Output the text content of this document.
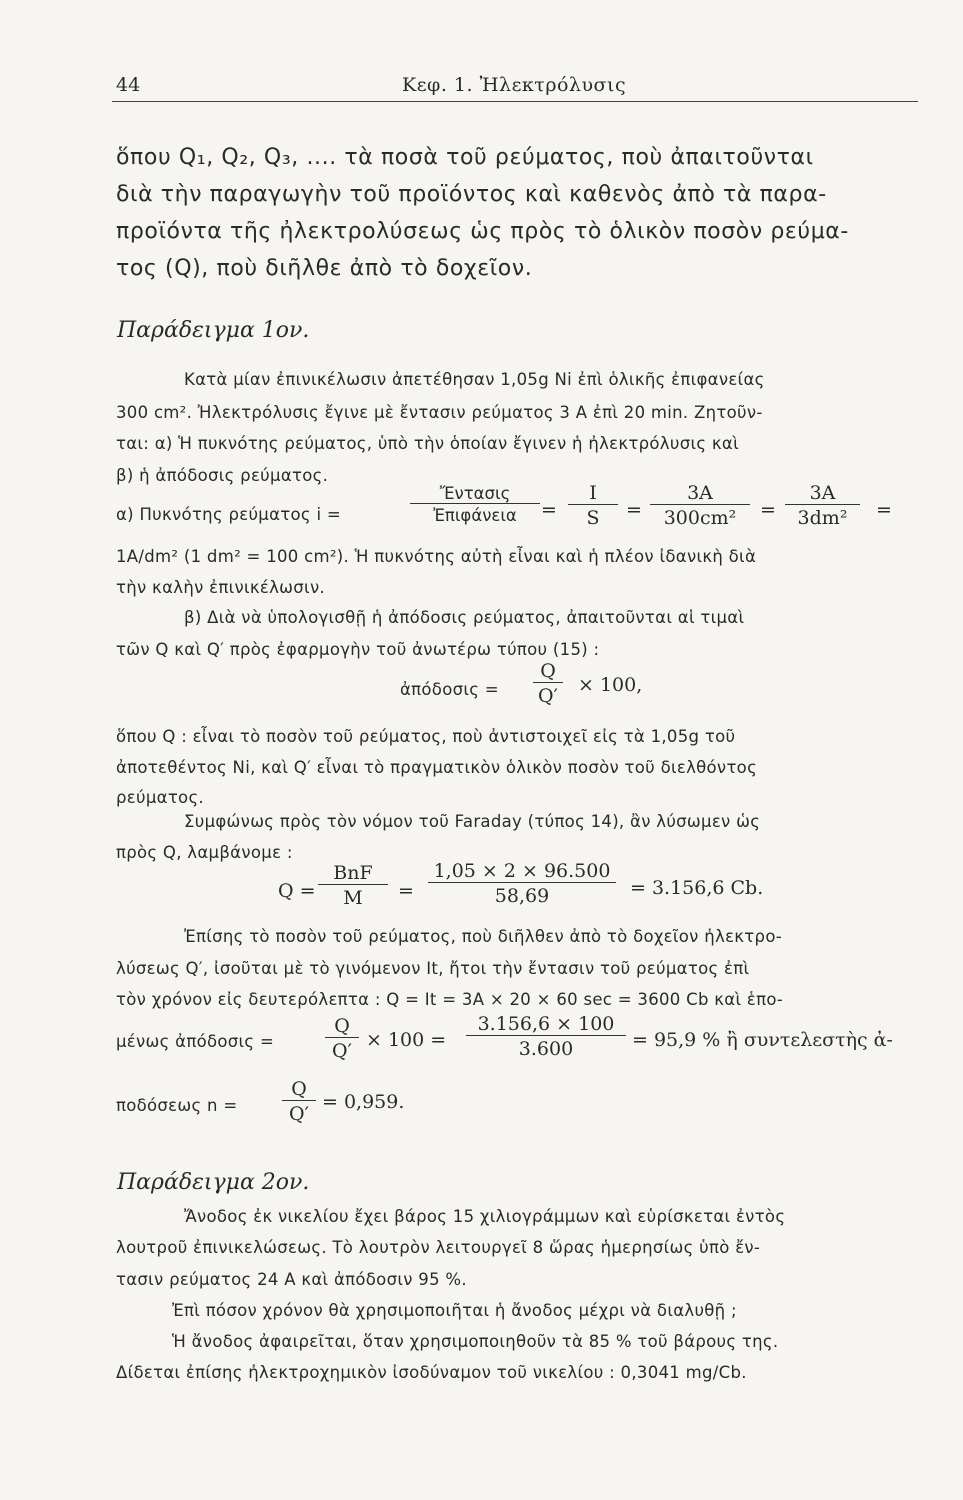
44	Κεφ. 1. Ἠλεκτρόλυσις
ὅπου Q₁, Q₂, Q₃, .... τὰ ποσὰ τοῦ ρεύματος, ποὺ ἀπαιτοῦνται
διὰ τὴν παραγωγὴν τοῦ προϊόντος καὶ καθενὸς ἀπὸ τὰ παρα-
προϊόντα τῆς ἠλεκτρολύσεως ὡς πρὸς τὸ ὁλικὸν ποσὸν ρεύμα-
τος (Q), ποὺ διῆλθε ἀπὸ τὸ δοχεῖον.
Παράδειγμα 1ον.
Κατὰ μίαν ἐπινικέλωσιν ἀπετέθησαν 1,05g Ni ἐπὶ ὁλικῆς ἐπιφανείας
300 cm². Ἠλεκτρόλυσις ἔγινε μὲ ἔντασιν ρεύματος 3 A ἐπὶ 20 min. Ζητοῦν-
ται: α) Ἡ πυκνότης ρεύματος, ὑπὸ τὴν ὁποίαν ἔγινεν ἡ ἠλεκτρόλυσις καὶ
β) ἡ ἀπόδοσις ρεύματος.
α) Πυκνότης ρεύματος i =
Ἔντασις
Ἐπιφάνεια	= $\frac{I}{S} = \frac{3A}{\text{300cm²}} = \frac{3A}{\text{3dm²}}$ =
1A/dm² (1 dm² = 100 cm²). Ἡ πυκνότης αὐτὴ εἶναι καὶ ἡ πλέον ἰδανικὴ διὰ
τὴν καλὴν ἐπινικέλωσιν.
β) Διὰ νὰ ὑπολογισθῇ ἡ ἀπόδοσις ρεύματος, ἀπαιτοῦνται αἱ τιμαὶ
τῶν Q καὶ Q′ πρὸς ἐφαρμογὴν τοῦ ἀνωτέρω τύπου (15) :
ἀπόδοσις = $\frac{Q}{Q'} \times 100$,
ὅπου Q : εἶναι τὸ ποσὸν τοῦ ρεύματος, ποὺ ἀντιστοιχεῖ εἰς τὰ 1,05g τοῦ
ἀποτεθέντος Ni, καὶ Q′ εἶναι τὸ πραγματικὸν ὁλικὸν ποσὸν τοῦ διελθόντος
ρεύματος.
Συμφώνως πρὸς τὸν νόμον τοῦ Faraday (τύπος 14), ἂν λύσωμεν ὡς
πρὸς Q, λαμβάνομε :
Q =
BnF
M	= $\frac{1,05 \times 2 \times 96.500}{58,69} = 3.156,6$ Cb.
Ἐπίσης τὸ ποσὸν τοῦ ρεύματος, ποὺ διῆλθεν ἀπὸ τὸ δοχεῖον ἠλεκτρο-
λύσεως Q′, ἰσοῦται μὲ τὸ γινόμενον It, ἤτοι τὴν ἔντασιν τοῦ ρεύματος ἐπὶ
τὸν χρόνον εἰς δευτερόλεπτα : Q = It = 3A × 20 × 60 sec = 3600 Cb καὶ ἑπο-
μένως ἀπόδοσις =	$\frac{Q}{Q'} \times 100 = \frac{3.156,6 \times 100}{3.600} = 95,9$ % ἢ συντελεστὴς ἀ-
ποδόσεως $n = \frac{Q}{Q'} = 0,959$.
Παράδειγμα 2ον.
Ἄνοδος ἐκ νικελίου ἔχει βάρος 15 χιλιογράμμων καὶ εὑρίσκεται ἐντὸς
λουτροῦ ἐπινικελώσεως. Τὸ λουτρὸν λειτουργεῖ 8 ὥρας ἡμερησίως ὑπὸ ἔν-
τασιν ρεύματος 24 A καὶ ἀπόδοσιν 95 %.
Ἐπὶ πόσον χρόνον θὰ χρησιμοποιῆται ἡ ἄνοδος μέχρι νὰ διαλυθῇ ;
Ἡ ἄνοδος ἀφαιρεῖται, ὅταν χρησιμοποιηθοῦν τὰ 85 % τοῦ βάρους της.
Δίδεται ἐπίσης ἠλεκτροχημικὸν ἰσοδύναμον τοῦ νικελίου : 0,3041 mg/Cb.
